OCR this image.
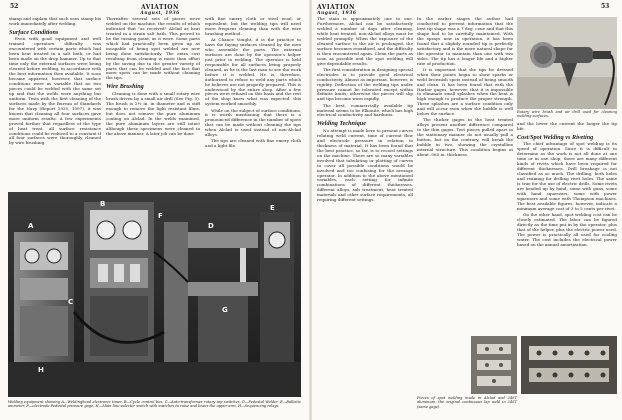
52	AVIATION
August, 1936

stamp and explain that such uses stamp his work immediately after welding.

Surface Conditions

Even with good equipment and well trained operators difficulty was encountered with certain parts which had been heat treated in a salt bath, or had been made on the drop hammer. Up to that time only the external surfaces were being cleaned before welding, in accordance with the best information then available. It soon became apparent, however, that surface conditions were as variable that no two pieces could be welded with the same set up and that the welds were anything but uniform. Tests with the first cleaning of the surfaces made by the Bureau of Standards for the Navy (Report 1935, 1097), it was known that cleaning all four surfaces gave more uniform results. A few experiments proved further that regardless of the type of heat treat, all surface resistance conditions could be reduced to a constant if all four surfaces were thoroughly cleaned by wire brushing.

Thereafter several sets of pieces were welded on the machine, the results of which indicated that "as received" Alclad as heat treated in a strain salt bath. This proved to be the turning point, as it were. Some parts which had practically been given up as incapable of being spot welded are now being done satisfactorily. The extra cost resulting from cleaning is more than offset by the saving due to the greater variety of parts that can be welded and the fact that more spots can be made without cleaning the tips.

Wire Brushing

Cleaning is done with a small rotary wire brush driven by a small air drill (See Fig. 5). The brush is 2½ in. in diameter and is stiff enough to remove the light resistant films, but does not remove the pure aluminum coating on Alclad. In the welds examined, the pure aluminum layers are still intact although these specimens were cleaned in the above manner. A later job can be done

with fine emery cloth or steel wool, or equivalent, but the welding tips will need more frequent cleaning than with the wire brushing method.

At Chance Vought, it is the practice to have the faying surfaces cleaned by the men who assemble the parts. The external surfaces are done by the operator's helper just prior to welding. The operator is held responsible for all surfaces being properly cleaned, as he is the last man to see the work before it is welded. He is, therefore, authorized to refuse to weld any parts which he believes are not properly prepared. This is understood by the entire shop. After a few pieces were refused on this basis and the rest of the shop knew what was expected, this system worked smoothly.

While on the subject of surface conditions, it is worth mentioning that there is a pronounced difference in the number of spots that can be made without cleaning the tips when Alclad is used instead of non-Alclad alloys.

The tips are cleaned with fine emery cloth and a light file.

A
B
C
D
E
F
G
H
Welding equipment showing A—Weldinghood electronic timer, B—Cycle control box, C—Auto-transformer rotary tap switches, D—Pedestal Welder, E—Ballistic ammeter, F—electrode Pedestal pressure gage, H—Main line selector switch with switches to raise and lower the upper arm, H—Sequencing relays.
AVIATION
August, 1936
53

The stain is approximately one to one. Furthermore, Alclad can be satisfactorily welded a number of days after cleaning, while heat treated, non-Alclad alloys must be welded promptly. When the exposure of the cleaned surface to the air is prolonged, the surface becomes reoxidized, and the difficulty is then encountered again. Clean the parts as soon as possible and the spot welding will give dependable results.

The first consideration in designing special electrodes is to provide good electrical conductivity. Almost as important, however, is rigidity. Deflection of the welding tips under pressure cannot be tolerated except within definite limits; otherwise the pieces will slip and tips become worn rapidly.

The best, commercially available tip material seems to be Elkonite, which has high electrical conductivity and hardness.

Welding Technique

No attempt is made here to present curves relating weld current, time of current flow and electrode pressure in relation to thickness of material. It has been found that the best practice, so far, is to record settings on the machine. There are so many variables involved that tabulating or plotting of curves to cover all possible conditions would be involved and too confusing for the average operator. In addition to the above mentioned variables, each setting for infinite combinations of different thicknesses, different alloys, salt treatment, heat treated materials and other surface requirements, all requiring different settings.

In the earlier stages the author had conducted to prevent information that the best tip shape was a 7 deg. cone and that this shape had to be carefully maintained. With the sprays now in operation, it has been found that a slightly rounded tip is perfectly satisfactory and is the more natural shape for the operator to maintain than one with two sides. The tip has a longer life and a higher rate of production.

It is important that the tips be dressed when their points begin to show sparks or weld brownish spots instead of being smooth and clean. It has been found that with the Harbor gages, however, that it is impossible to eliminate small splashes when the heat is high enough to produce the proper strength. These splashes are a surface condition only and will occur even when the bubble is well below the surface.

The thicker gages in the heat treated alloys present another difference compared to the thin gages. Test pieces pulled apart in the stationary manner do not usually pull a button, but on the contrary, will break the bubble in two, showing the crystalline internal structure. This condition begins at about .065 in. thickness.

Rotary wire brush and air drill used for cleaning welding surfaces.

and the lower the current the longer the tip life.

Cost/Spot Welding vs Riveting

The chief advantage of spot welding is its speed of operation. Since it is difficult to determine as the work is not all done at one time or in one shop, there are many different kinds of rivets which have been required for different thicknesses. Drill breakage is not classified as so much. The drilling, both holes and reaming for drilling rivet holes. The same is true for the use of electric drills. Some rivets are headed up by hand, some with guns, some with hand squeezers, some with power squeezers and some with Thompson machines. The best available figures, however, indicate a minimum average cost of 3 to 5 cents per rivet.

On the other hand, spot welding cost can be closely estimated. The labor can be figured directly as the time put in by the operator, plus that of the helper, plus the electric power used. The power is practically all used for cooling water. The cost includes the electrical power based on the annual amortization.

Pieces of spot welding made in Alclad and 24ST aluminum, the original continuous lap weld in 24ST (same gage).
